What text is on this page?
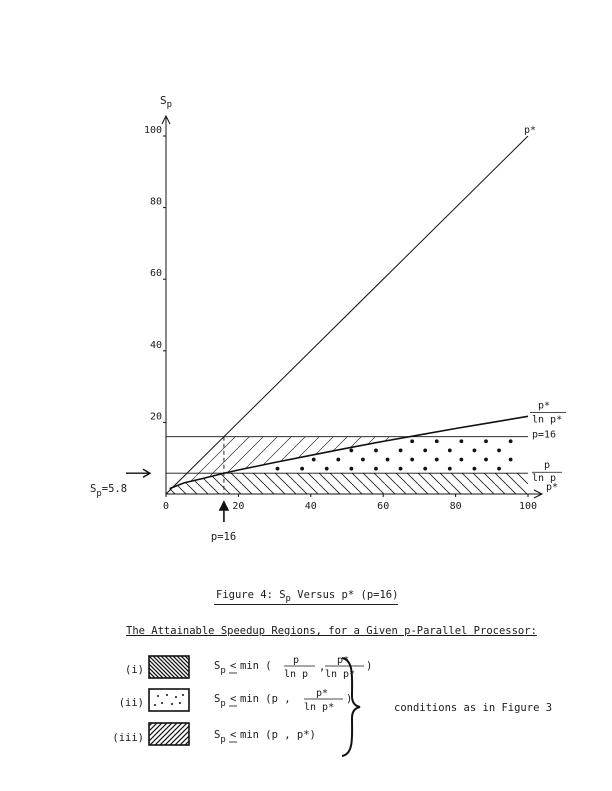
20
40
60
80
100
0	20	40	60	80	100
$S_p$
p*
p*
ln p*
p=16
p
ln p
p*
Sp=5.8
p=16
Figure 4: $S_p$ Versus p* (p=16)
The Attainable Speedup Regions, for a Given p-Parallel Processor:
(i)	Sp < min ( p
ln p
,
p*
ln p*
)
(ii)	Sp < min (p ,	p*
ln p*
)
(iii)	Sp < min (p , p*)
conditions as in Figure 3
